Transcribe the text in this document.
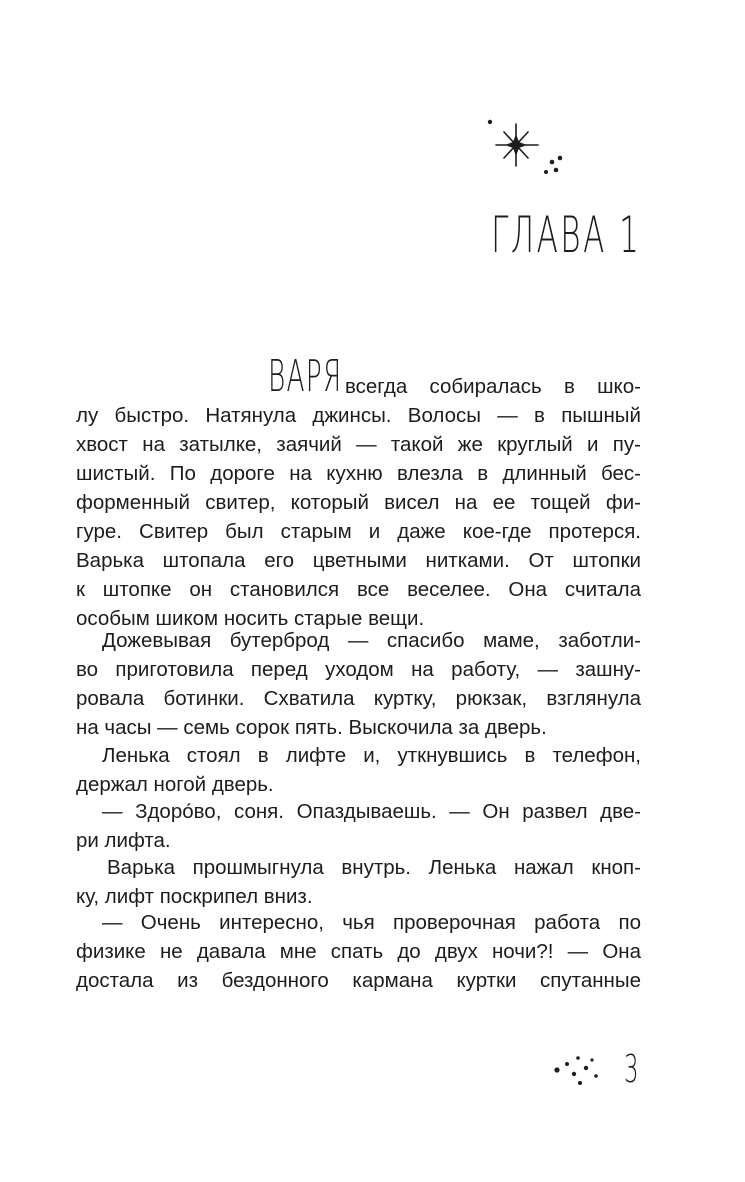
ГЛАВА 1
ВАРЯ всегда собиралась в шко-
лу быстро. Натянула джинсы. Волосы — в пышный
хвост на затылке, заячий — такой же круглый и пу-
шистый. По дороге на кухню влезла в длинный бес-
форменный свитер, который висел на ее тощей фи-
гуре. Свитер был старым и даже кое-где протерся.
Варька штопала его цветными нитками. От штопки
к штопке он становился все веселее. Она считала
особым шиком носить старые вещи.
Дожевывая бутерброд — спасибо маме, заботли-
во приготовила перед уходом на работу, — зашну-
ровала ботинки. Схватила куртку, рюкзак, взглянула
на часы — семь сорок пять. Выскочила за дверь.
Ленька стоял в лифте и, уткнувшись в телефон,
держал ногой дверь.
— Здоро́во, соня. Опаздываешь. — Он развел две-
ри лифта.
Варька прошмыгнула внутрь. Ленька нажал кноп-
ку, лифт поскрипел вниз.
— Очень интересно, чья проверочная работа по
физике не давала мне спать до двух ночи?! — Она
достала из бездонного кармана куртки спутанные
3
